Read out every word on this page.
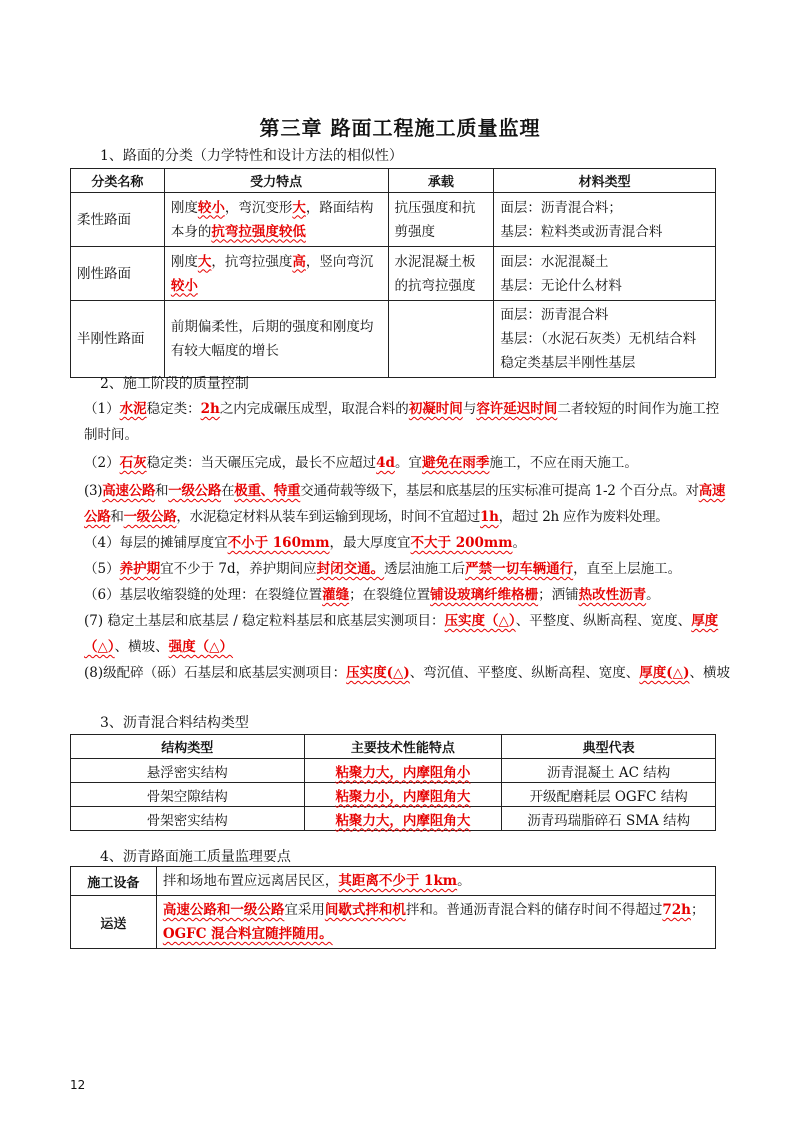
第三章 路面工程施工质量监理
1、路面的分类（力学特性和设计方法的相似性）
分类名称	受力特点	承载	材料类型
柔性路面	刚度较小，弯沉变形大，路面结构本身的抗弯拉强度较低	抗压强度和抗剪强度	面层：沥青混合料；
基层：粒料类或沥青混合料

刚性路面	刚度大，抗弯拉强度高，竖向弯沉较小	水泥混凝土板的抗弯拉强度	面层：水泥混凝土
基层：无论什么材料

半刚性路面	前期偏柔性，后期的强度和刚度均有较大幅度的增长		面层：沥青混合料
基层：（水泥石灰类）无机结合料稳定类基层半刚性基层
2、施工阶段的质量控制
（1）水泥稳定类：2h之内完成碾压成型，取混合料的初凝时间与容许延迟时间二者较短的时间作为施工控制时间。
（2）石灰稳定类：当天碾压完成，最长不应超过4d。宜避免在雨季施工，不应在雨天施工。
(3)高速公路和一级公路在极重、特重交通荷载等级下，基层和底基层的压实标准可提高 1-2 个百分点。对高速公路和一级公路，水泥稳定材料从装车到运输到现场，时间不宜超过1h，超过 2h 应作为废料处理。
（4）每层的摊铺厚度宜不小于 160mm，最大厚度宜不大于 200mm。
（5）养护期宜不少于 7d，养护期间应封闭交通。透层油施工后严禁一切车辆通行，直至上层施工。
（6）基层收缩裂缝的处理：在裂缝位置灌缝；在裂缝位置铺设玻璃纤维格栅；洒铺热改性沥青。
(7) 稳定土基层和底基层 / 稳定粒料基层和底基层实测项目：压实度（△）、平整度、纵断高程、宽度、厚度（△）、横坡、强度（△）
(8)级配碎（砾）石基层和底基层实测项目：压实度(△)、弯沉值、平整度、纵断高程、宽度、厚度(△)、横坡
3、沥青混合料结构类型
结构类型	主要技术性能特点	典型代表
悬浮密实结构	粘聚力大，内摩阻角小	沥青混凝土 AC 结构
骨架空隙结构	粘聚力小，内摩阻角大	开级配磨耗层 OGFC 结构
骨架密实结构	粘聚力大，内摩阻角大	沥青玛瑞脂碎石 SMA 结构
4、沥青路面施工质量监理要点
施工设备	拌和场地布置应远离居民区，其距离不少于 1km。
运送	高速公路和一级公路宜采用间歇式拌和机拌和。普通沥青混合料的储存时间不得超过72h；OGFC 混合料宜随拌随用。
12
